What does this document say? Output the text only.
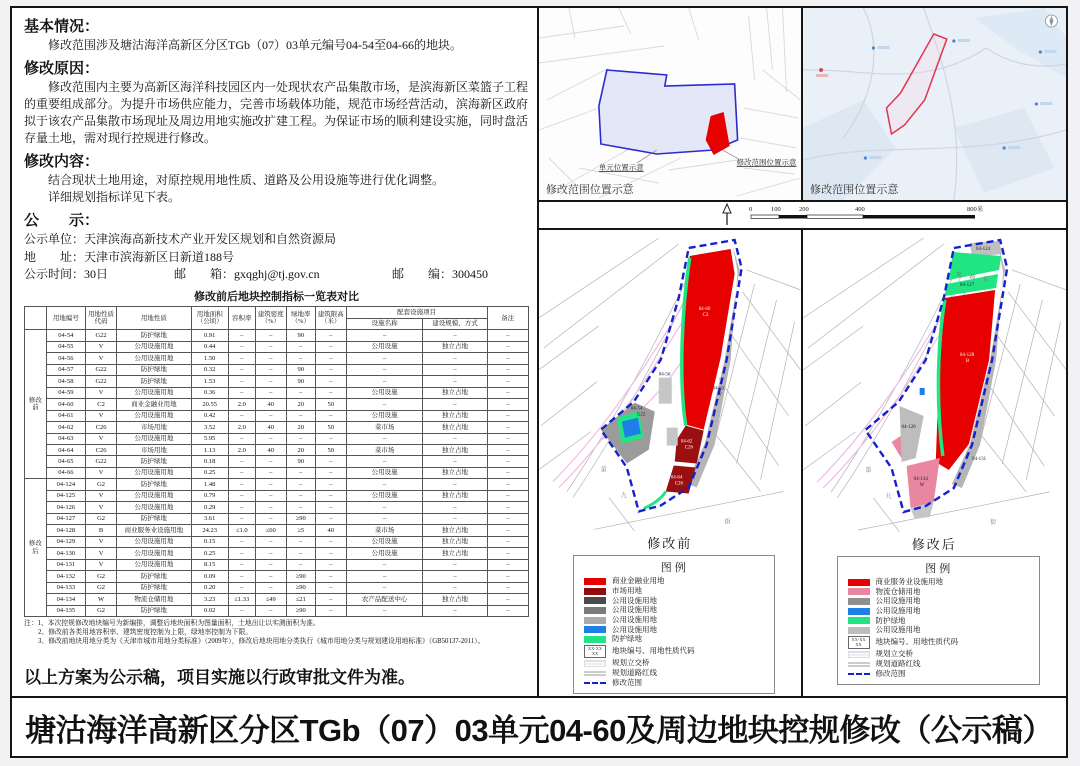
基本情况：

修改范围涉及塘沽海洋高新区分区TGb（07）03单元编号04-54至04-66的地块。

修改原因：

修改范围内主要为高新区海洋科技园区内一处现状农产品集散市场，是滨海新区菜篮子工程的重要组成部分。为提升市场供应能力，完善市场载体功能，规范市场经营活动，滨海新区政府拟于该农产品集散市场现址及周边用地实施改扩建工程。为保证市场的顺利建设实施，同时盘活存量土地，需对现行控规进行修改。

修改内容：

结合现状土地用途，对原控规用地性质、道路及公用设施等进行优化调整。

详细规划指标详见下表。

公　　示：

公示单位：天津滨海高新技术产业开发区规划和自然资源局

地　　址：天津市滨海新区日新道188号

公示时间：30日	邮　　箱：gxqghj@tj.gov.cn	邮　　编：300450
修改前后地块控制指标一览表对比
	用地编号	用地性质代码	用地性质	用地面积（公顷）	容积率	建筑密度（%）	绿地率（%）	建筑限高（米）	配套设施项目		备注
									设施名称	建设规模、方式	
修改前	04-54	G22	防护绿地	0.91	–	–	90	–	–	–	–
	04-55	V	公用设施用地	0.44	–	–	–	–	公用设施	独立占地	–
	04-56	V	公用设施用地	1.50	–	–	–	–	–	–	–
	04-57	G22	防护绿地	0.32	–	–	90	–	–	–	–
	04-58	G22	防护绿地	1.53	–	–	90	–	–	–	–
	04-59	V	公用设施用地	0.36	–	–	–	–	公用设施	独立占地	–
	04-60	C2	商业金融业用地	20.55	2.0	40	20	50	–	–	–
	04-61	V	公用设施用地	0.42	–	–	–	–	公用设施	独立占地	–
	04-62	C26	市场用地	3.52	2.0	40	20	50	菜市场	独立占地	–
	04-63	V	公用设施用地	5.95	–	–	–	–	–	–	–
	04-64	C26	市场用地	1.13	2.0	40	20	50	菜市场	独立占地	–
	04-65	G22	防护绿地	0.18	–	–	90	–	–	–	–
	04-66	V	公用设施用地	0.25	–	–	–	–	公用设施	独立占地	–
修改后	04-124	G2	防护绿地	1.48	–	–	–	–	–	–	–
	04-125	V	公用设施用地	0.79	–	–	–	–	公用设施	独立占地	–
	04-126	V	公用设施用地	0.29	–	–	–	–	–	–	–
	04-127	G2	防护绿地	3.61	–	–	≥90	–	–	–	–
	04-128	B	商业服务业设施用地	24.23	≤1.0	≤60	≥5	40	菜市场	独立占地	–
	04-129	V	公用设施用地	0.15	–	–	–	–	公用设施	独立占地	–
	04-130	V	公用设施用地	0.25	–	–	–	–	公用设施	独立占地	–
	04-131	V	公用设施用地	8.15	–	–	–	–	–	–	–
	04-132	G2	防护绿地	0.09	–	–	≥90	–	–	–	–
	04-133	G2	防护绿地	0.20	–	–	≥90	–	–	–	–
	04-134	W	物流仓储用地	3.23	≤1.33	≤49	≤21	–	农产品配送中心	独立占地	–
	04-135	G2	防护绿地	0.02	–	–	≥90	–	–	–	–

注：1、本次控规修改地块编号为新编排，调整后地块面积为图量面积，土地出让以实测面积为准。

2、修改前各类用地容积率、建筑密度控制为上限，绿地率控制为下限。

3、修改前地块用地分类为《天津市城市用地分类标准》（2009年），修改后地块用地分类执行《城市用地分类与规划建设用地标准》（GB50137-2011）。

以上方案为公示稿，项目实施以行政审批文件为准。
单元位置示意
修改范围位置示意
修改范围位置示意	修改范围位置示意
0	100	200	400	800米
04-60
C2
04-62
C26
04-64
C26
04-63
V
04-54
G22
04-56
第
九
街
修改前
图例
商业金融业用地
市场用地
公用设施用地
公用设施用地
公用设施用地
公用设施用地
防护绿地
XX-XX
XX 地块编号、用地性质代码
规划立交桥
规划道路红线
修改范围
集 疏 运
04-128
B
04-134
W
04-127
04-131
04-124
04-126
第
九
街
修改后
图例
商业服务业设施用地
物流仓储用地
公用设施用地
公用设施用地
防护绿地
公用设施用地
XX-XX
XX 地块编号、用地性质代码
规划立交桥
规划道路红线
修改范围
塘沽海洋高新区分区TGb（07）03单元04-60及周边地块控规修改（公示稿）
